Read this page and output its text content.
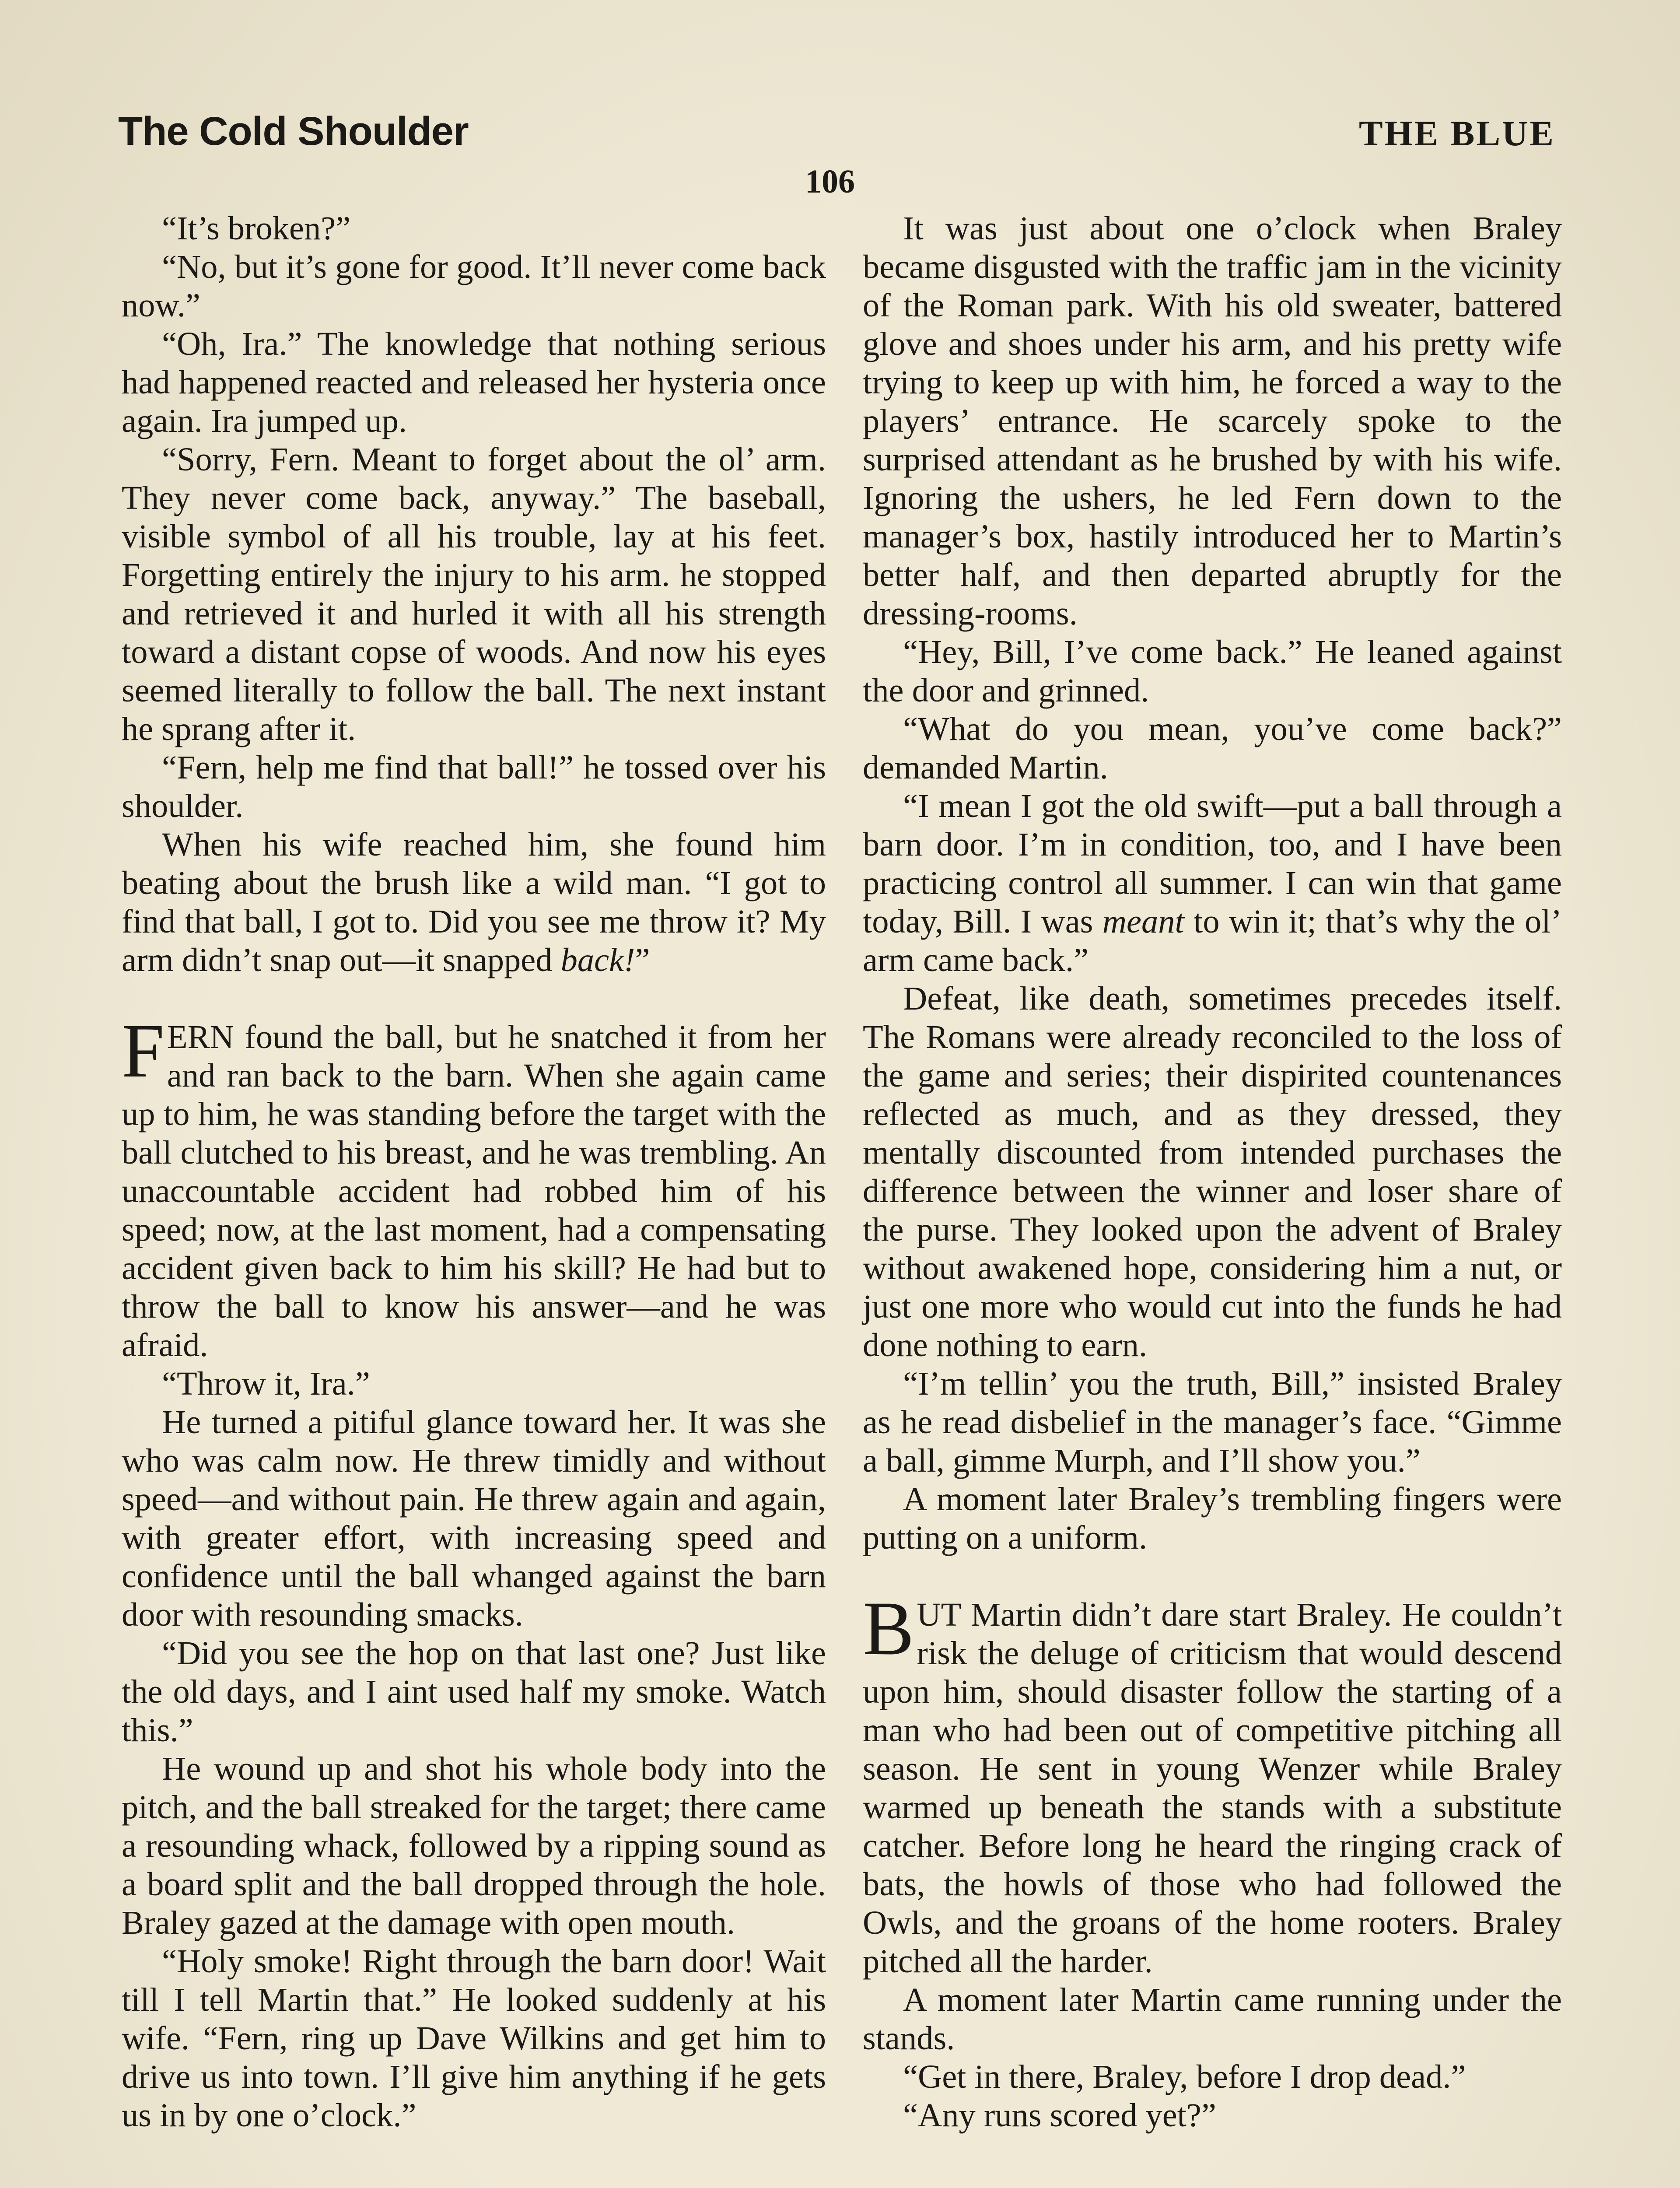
The Cold Shoulder	THE BLUE
106

“It’s broken?”

“No, but it’s gone for good. It’ll never come back now.”

“Oh, Ira.” The knowledge that nothing serious had happened reacted and released her hysteria once again. Ira jumped up.

“Sorry, Fern. Meant to forget about the ol’ arm. They never come back, anyway.” The baseball, visible symbol of all his trouble, lay at his feet. Forgetting entirely the injury to his arm. he stopped and retrieved it and hurled it with all his strength toward a distant copse of woods. And now his eyes seemed literally to follow the ball. The next instant he sprang after it.

“Fern, help me find that ball!” he tossed over his shoulder.

When his wife reached him, she found him beating about the brush like a wild man. “I got to find that ball, I got to. Did you see me throw it? My arm didn’t snap out—it snapped back!”

FERN found the ball, but he snatched it from her and ran back to the barn. When she again came up to him, he was standing before the target with the ball clutched to his breast, and he was trembling. An unaccountable accident had robbed him of his speed; now, at the last moment, had a compensating accident given back to him his skill? He had but to throw the ball to know his answer—and he was afraid.

“Throw it, Ira.”

He turned a pitiful glance toward her. It was she who was calm now. He threw timidly and without speed—and without pain. He threw again and again, with greater effort, with increasing speed and confidence until the ball whanged against the barn door with resounding smacks.

“Did you see the hop on that last one? Just like the old days, and I aint used half my smoke. Watch this.”

He wound up and shot his whole body into the pitch, and the ball streaked for the target; there came a resounding whack, followed by a ripping sound as a board split and the ball dropped through the hole. Braley gazed at the damage with open mouth.

“Holy smoke! Right through the barn door! Wait till I tell Martin that.” He looked suddenly at his wife. “Fern, ring up Dave Wilkins and get him to drive us into town. I’ll give him anything if he gets us in by one o’clock.”

It was just about one o’clock when Braley became disgusted with the traffic jam in the vicinity of the Roman park. With his old sweater, battered glove and shoes under his arm, and his pretty wife trying to keep up with him, he forced a way to the players’ entrance. He scarcely spoke to the surprised attendant as he brushed by with his wife. Ignoring the ushers, he led Fern down to the manager’s box, hastily introduced her to Martin’s better half, and then departed abruptly for the dressing-rooms.

“Hey, Bill, I’ve come back.” He leaned against the door and grinned.

“What do you mean, you’ve come back?” demanded Martin.

“I mean I got the old swift—put a ball through a barn door. I’m in condition, too, and I have been practicing control all summer. I can win that game today, Bill. I was meant to win it; that’s why the ol’ arm came back.”

Defeat, like death, sometimes precedes itself. The Romans were already reconciled to the loss of the game and series; their dispirited countenances reflected as much, and as they dressed, they mentally discounted from intended purchases the difference between the winner and loser share of the purse. They looked upon the advent of Braley without awakened hope, considering him a nut, or just one more who would cut into the funds he had done nothing to earn.

“I’m tellin’ you the truth, Bill,” insisted Braley as he read disbelief in the manager’s face. “Gimme a ball, gimme Murph, and I’ll show you.”

A moment later Braley’s trembling fingers were putting on a uniform.

BUT Martin didn’t dare start Braley. He couldn’t risk the deluge of criticism that would descend upon him, should disaster follow the starting of a man who had been out of competitive pitching all season. He sent in young Wenzer while Braley warmed up beneath the stands with a substitute catcher. Before long he heard the ringing crack of bats, the howls of those who had followed the Owls, and the groans of the home rooters. Braley pitched all the harder.

A moment later Martin came running under the stands.

“Get in there, Braley, before I drop dead.”

“Any runs scored yet?”
